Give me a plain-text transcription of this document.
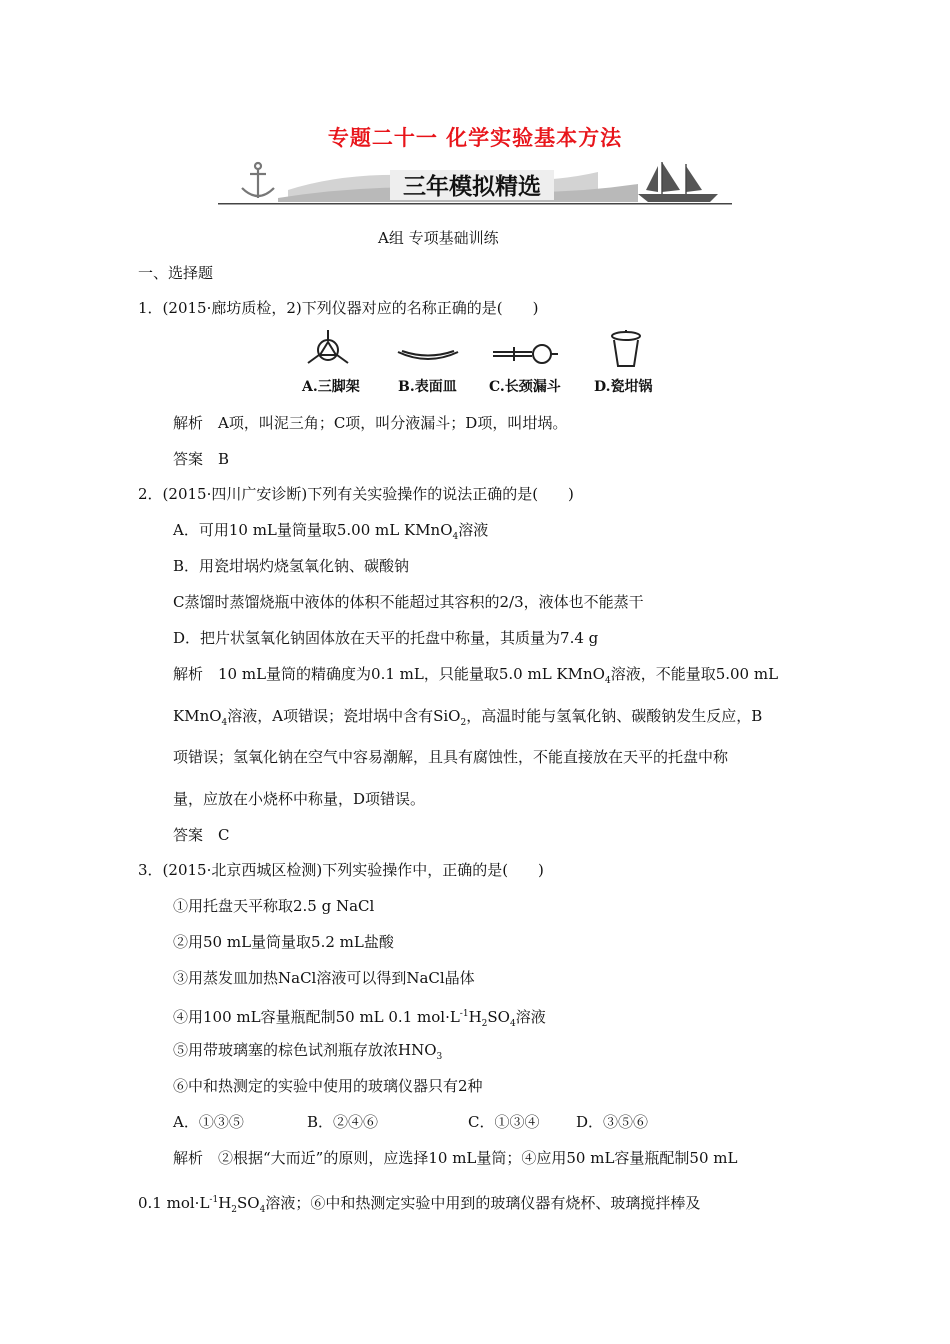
专题二十一 化学实验基本方法
三年模拟精选
A组 专项基础训练
一、选择题
1．(2015·廊坊质检，2)下列仪器对应的名称正确的是(　　)
A.三脚架	B.表面皿 C.长颈漏斗 D.瓷坩锅
解析　A项，叫泥三角；C项，叫分液漏斗；D项，叫坩埚。
答案　B
2．(2015·四川广安诊断)下列有关实验操作的说法正确的是(　　)
A．可用10 mL量筒量取5.00 mL KMnO$_4$溶液
B．用瓷坩埚灼烧氢氧化钠、碳酸钠
C蒸馏时蒸馏烧瓶中液体的体积不能超过其容积的2/3，液体也不能蒸干
D．把片状氢氧化钠固体放在天平的托盘中称量，其质量为7.4 g
解析　10 mL量筒的精确度为0.1 mL，只能量取5.0 mL KMnO$_4$溶液，不能量取5.00 mL
KMnO$_4$溶液，A项错误；瓷坩埚中含有SiO$_2$，高温时能与氢氧化钠、碳酸钠发生反应，B
项错误；氢氧化钠在空气中容易潮解，且具有腐蚀性，不能直接放在天平的托盘中称
量，应放在小烧杯中称量，D项错误。
答案　C
3．(2015·北京西城区检测)下列实验操作中，正确的是(　　)
①用托盘天平称取2.5 g NaCl
②用50 mL量筒量取5.2 mL盐酸
③用蒸发皿加热NaCl溶液可以得到NaCl晶体
④用100 mL容量瓶配制50 mL 0.1 $mol\cdot L^{-1}H_2SO_4$溶液
⑤用带玻璃塞的棕色试剂瓶存放浓$HNO_3$
⑥中和热测定的实验中使用的玻璃仪器只有2种
A．①③⑤	B．②④⑥	C．①③④ D．③⑤⑥
解析　②根据“大而近”的原则，应选择10 mL量筒；④应用50 mL容量瓶配制50 mL
0.1 $mol\cdot L^{-1}H_2SO_4$溶液；⑥中和热测定实验中用到的玻璃仪器有烧杯、玻璃搅拌棒及
